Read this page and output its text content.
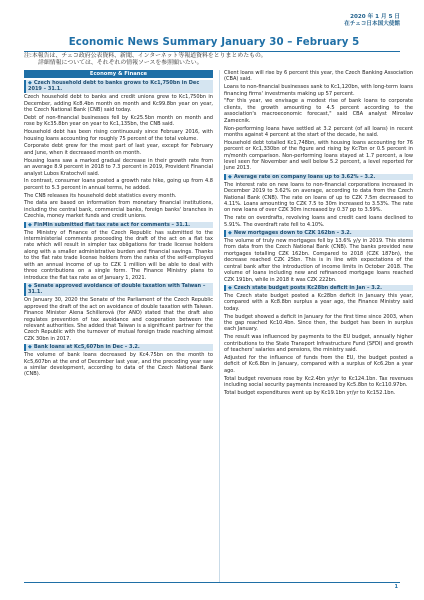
2020 年 1 月 5 日
在チェコ日本国大使館
Economic News Summary January 30 – February 5

注:本報告は、チェコ政府公表資料、新聞、インターネット等報道資料をとりまとめたもの。

詳細情報については、それぞれの情報ソースを参照願いたい。

Economy & Finance
◆ Czech household debt to banks grows to Kc1,750bn in Dec 2019 – 31.1.

Czech household debt to banks and credit unions grew to Kc1,750bn in December, adding Kc8.4bn month on month and Kc99.8bn year on year, the Czech National Bank (CNB) said today.

Debt of non-financial businesses fell by Kc25.5bn month on month and rose by Kc35.8bn year on year to Kc1,135bn, the CNB said.

Household debt has been rising continuously since February 2016, with housing loans accounting for roughly 75 percent of the total volume.

Corporate debt grew for the most part of last year, except for February and June, when it decreased month on month.

Housing loans saw a marked gradual decrease in their growth rate from an average 8.9 percent in 2018 to 7.3 percent in 2019, Provident Financial analyst Lubos Kratochvil said.

In contrast, consumer loans posted a growth rate hike, going up from 4.8 percent to 5.3 percent in annual terms, he added.

The CNB releases its household debt statistics every month.

The data are based on information from monetary financial institutions, including the central bank, commercial banks, foreign banks' branches in Czechia, money market funds and credit unions.

◆ FinMin submitted flat tax rate act for comments – 31.1.

The Ministry of Finance of the Czech Republic has submitted to the interministerial comments proceeding the draft of the act on a flat tax rate which will result in simpler tax obligations for trade license holders along with a smaller administrative burden and financial savings. Thanks to the flat rate trade license holders from the ranks of the self-employed with an annual income of up to CZK 1 million will be able to deal with three contributions on a single form. The Finance Ministry plans to introduce the flat tax rate as of January 1, 2021.

◆ Senate approved avoidance of double taxation with Taiwan – 31.1.

On January 30, 2020 the Senate of the Parliament of the Czech Republic approved the draft of the act on avoidance of double taxation with Taiwan. Finance Minister Alena Schillerová (for ANO) stated that the draft also regulates prevention of tax avoidance and cooperation between the relevant authorities. She added that Taiwan is a significant partner for the Czech Republic with the turnover of mutual foreign trade reaching almost CZK 30bn in 2017.

◆ Bank loans at Kc5,607bn in Dec – 3.2.

The volume of bank loans decreased by Kc4.75bn on the month to Kc5,607bn at the end of December last year, and the preceding year saw a similar development, according to data of the Czech National Bank (CNB).

Client loans will rise by 6 percent this year, the Czech Banking Association (CBA) said.

Loans to non-financial businesses sank to Kc1,120bn, with long-term loans financing firms' investments making up 57 percent.

"For this year, we envisage a modest rise of bank loans to corporate clients, the growth amounting to 4.5 percent according to the association's macroeconomic forecast," said CBA analyst Miroslav Zamecnik.

Non-performing loans have settled at 3.2 percent (of all loans) in recent months against 4 percent at the start of the decade, he said.

Household debt totalled Kc1,748bn, with housing loans accounting for 76 percent or Kc1,330bn of the figure and rising by Kc7bn or 0.5 percent in m/month comparison. Non-performing loans stayed at 1.7 percent, a low level seen for November and well below 5.2 percent, a level reported for June 2013.

◆ Average rate on company loans up to 3.62% – 3.2.

The interest rate on new loans to non-financial corporations increased in December 2019 to 3.62% on average, according to data from the Czech National Bank (CNB). The rate on loans of up to CZK 7.5m decreased to 4.11%. Loans amounting to CZK 7.5 to 30m increased to 3.53%. The rate on new loans of over CZK 30m increased by 0.37 pp to 3.59%.

The rate on overdrafts, revolving loans and credit card loans declined to 5.91%. The overdraft rate fell to 4.10%.

◆ New mortgages down to CZK 162bn – 3.2.

The volume of truly new mortgages fell by 13.6% y/y in 2019. This stems from data from the Czech National Bank (CNB). The banks provided new mortgages totalling CZK 162bn. Compared to 2018 (CZK 187bn), the decrease reached CZK 25bn. This is in line with expectations of the central bank after the introduction of income limits in October 2018. The volume of loans including new and refinanced mortgage loans reached CZK 191bn, while in 2018 it was CZK 222bn.

◆ Czech state budget posts Kc28bn deficit in Jan – 3.2.

The Czech state budget posted a Kc28bn deficit in January this year, compared with a Kc8.8bn surplus a year ago, the Finance Ministry said today.

The budget showed a deficit in January for the first time since 2003, when the gap reached Kc10.4bn. Since then, the budget has been in surplus each January.

The result was influenced by payments to the EU budget, annually higher contributions to the State Transport Infrastructure Fund (SFDI) and growth of teachers' salaries and pensions, the ministry said.

Adjusted for the influence of funds from the EU, the budget posted a deficit of Kc6.8bn in January, compared with a surplus of Kc6.2bn a year ago.

Total budget revenues rose by Kc2.4bn yr/yr to Kc124.1bn. Tax revenues including social security payments increased by Kc5.8bn to Kc110.97bn.

Total budget expenditures went up by Kc19.1bn yr/yr to Kc152.1bn.

1
